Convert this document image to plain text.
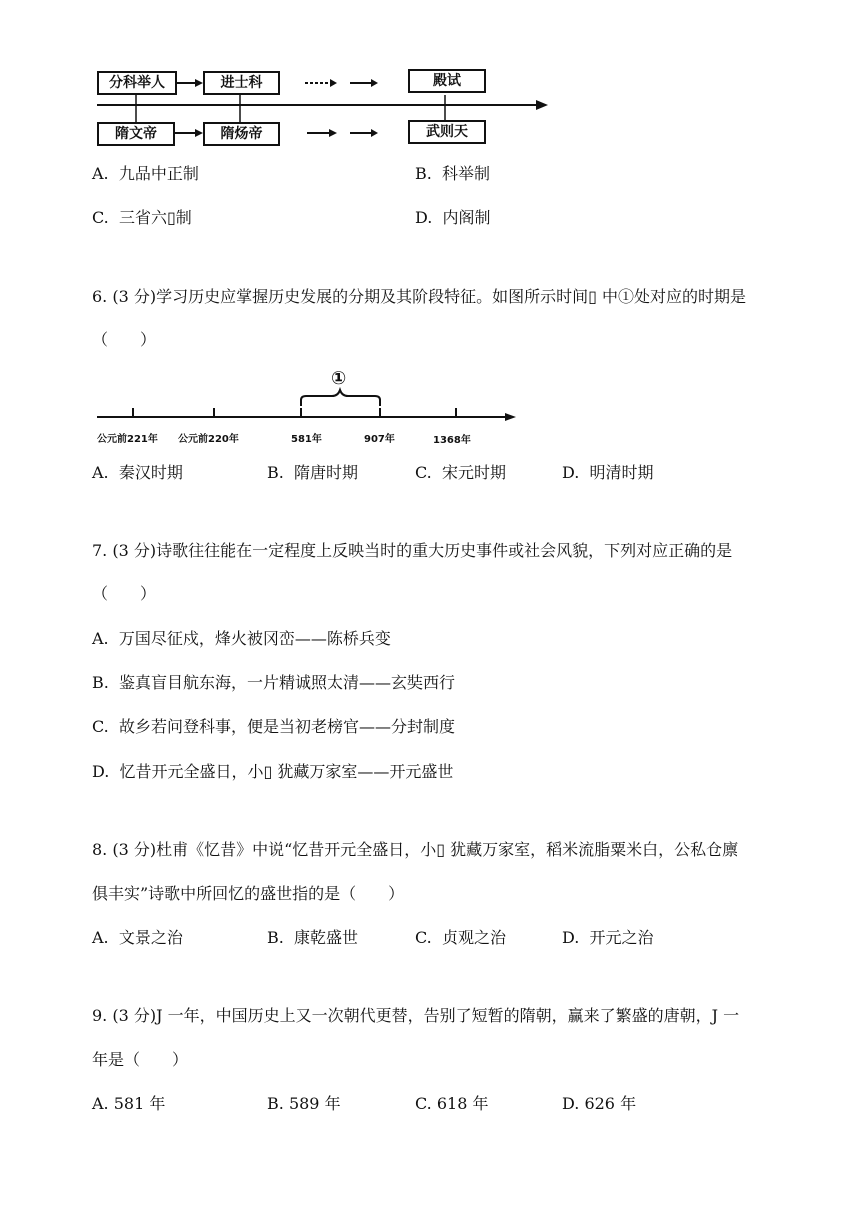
分科举人	进士科	殿试
隋文帝	隋炀帝	武则天
A. 九品中正制	B. 科举制
C. 三省六▯制	D. 内阁制
6. (3 分)学习历史应掌握历史发展的分期及其阶段特征。如图所示时间▯ 中①处对应的时期是
（　　）
①
公元前221年 公元前220年	581年	907年	1368年
A. 秦汉时期	B. 隋唐时期	C. 宋元时期	D. 明清时期
7. (3 分)诗歌往往能在一定程度上反映当时的重大历史事件或社会风貌，下列对应正确的是
（　　）
A. 万国尽征戍，烽火被冈峦——陈桥兵变
B. 鉴真盲目航东海，一片精诚照太清——玄奘西行
C. 故乡若问登科事，便是当初老榜官——分封制度
D. 忆昔开元全盛日，小▯ 犹藏万家室——开元盛世
8. (3 分)杜甫《忆昔》中说“忆昔开元全盛日，小▯ 犹藏万家室，稻米流脂粟米白，公私仓廪
俱丰实”诗歌中所回忆的盛世指的是（　　）
A. 文景之治	B. 康乾盛世	C. 贞观之治	D. 开元之治
9. (3 分)J 一年，中国历史上又一次朝代更替，告别了短暂的隋朝，赢来了繁盛的唐朝，J 一
年是（　　）
A. 581 年	B. 589 年	C. 618 年	D. 626 年
